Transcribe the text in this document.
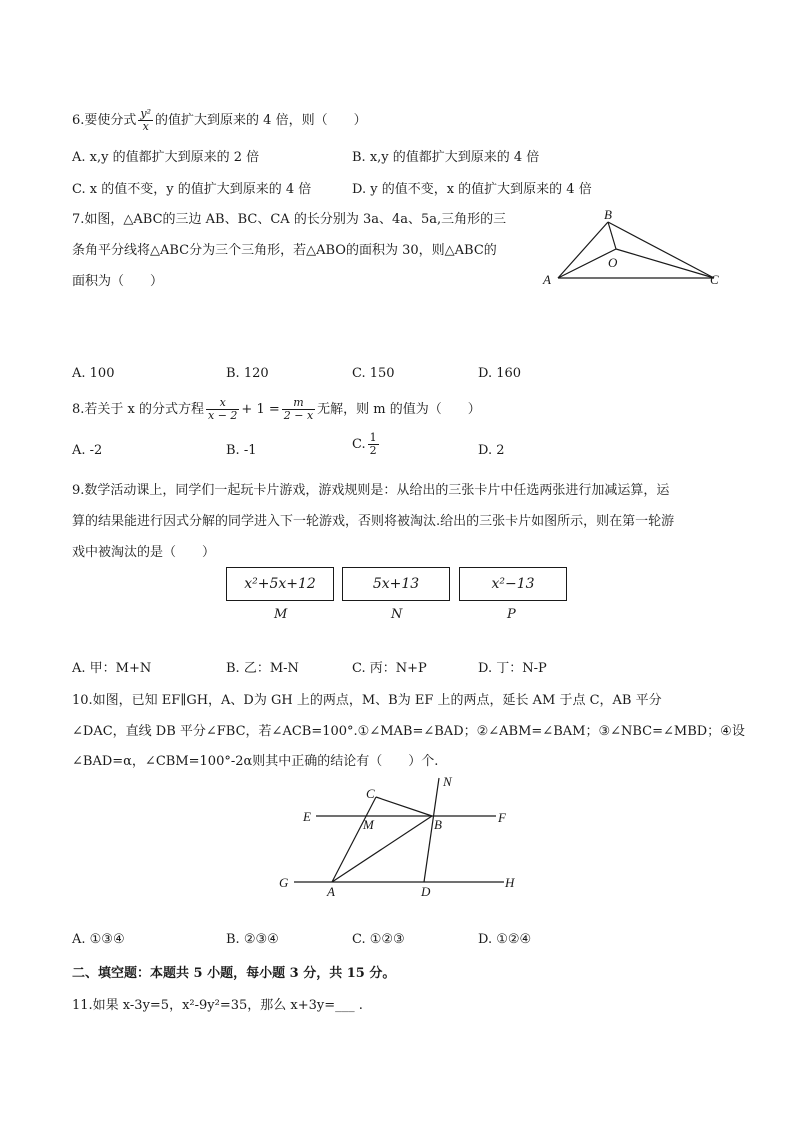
6.要使分式 $\frac{\text{y²}}{x}$ 的值扩大到原来的 4 倍，则（　　）
A. x,y 的值都扩大到原来的 2 倍	B. x,y 的值都扩大到原来的 4 倍
C. x 的值不变，y 的值扩大到原来的 4 倍	D. y 的值不变，x 的值扩大到原来的 4 倍
7.如图，△ABC的三边 AB、BC、CA 的长分别为 3a、4a、5a,三角形的三
条角平分线将△ABC分为三个三角形，若△ABO的面积为 30，则△ABC的
面积为（　　）
B
O
A	C
A. 100	B. 120	C. 150	D. 160
8.若关于 x 的分式方程 $\frac{x}{x - 2} + 1 = \frac{m}{2 - x}$ 无解，则 m 的值为（　　）
A. -2	B. -1	C. $\frac{1}{2}$	D. 2
9.数学活动课上，同学们一起玩卡片游戏，游戏规则是：从给出的三张卡片中任选两张进行加减运算，运
算的结果能进行因式分解的同学进入下一轮游戏，否则将被淘汰.给出的三张卡片如图所示，则在第一轮游
戏中被淘汰的是（　　）
x²+5x+12	5x+13	x²−13
M	N	P
A. 甲：M+N	B. 乙：M-N	C. 丙：N+P	D. 丁：N-P
10.如图，已知 EF∥GH，A、D为 GH 上的两点，M、B为 EF 上的两点，延长 AM 于点 C，AB 平分
∠DAC，直线 DB 平分∠FBC，若∠ACB=100°.①∠MAB=∠BAD；②∠ABM=∠BAM；③∠NBC=∠MBD；④设
∠BAD=α，∠CBM=100°-2α则其中正确的结论有（　　）个.
C
N
E
M	B	F
G
A	D
H
A. ①③④	B. ②③④	C. ①②③	D. ①②④
二、填空题：本题共 5 小题，每小题 3 分，共 15 分。
11.如果 x-3y=5，x²-9y²=35，那么 x+3y=___ .
